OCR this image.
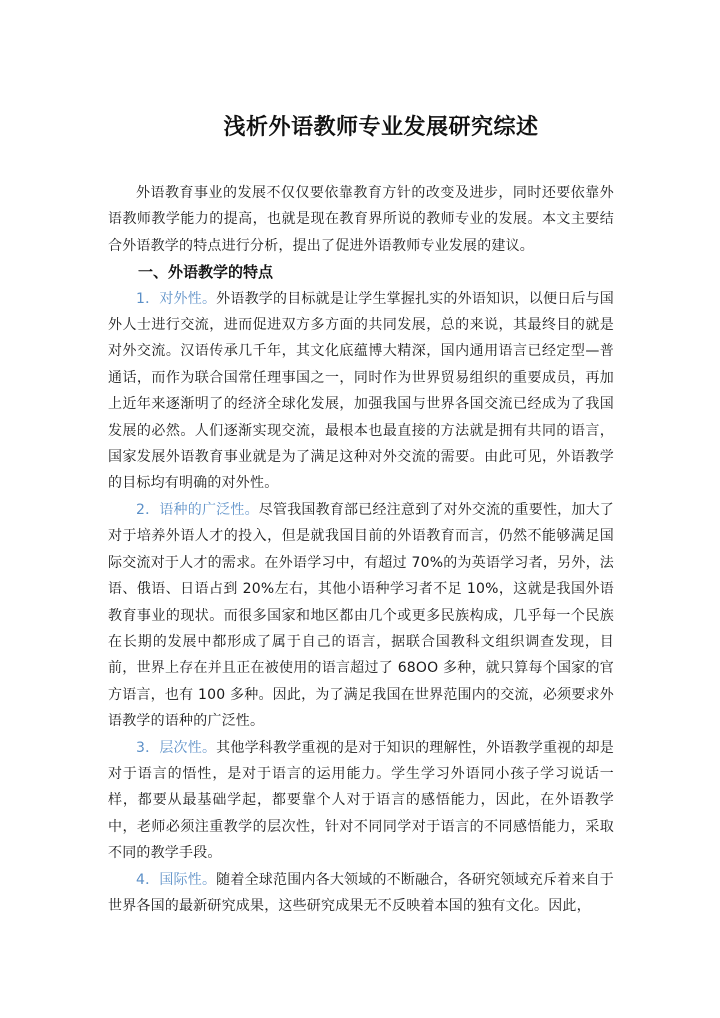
浅析外语教师专业发展研究综述

外语教育事业的发展不仅仅要依靠教育方针的改变及进步，同时还要依靠外语教师教学能力的提高，也就是现在教育界所说的教师专业的发展。本文主要结合外语教学的特点进行分析，提出了促进外语教师专业发展的建议。

一、外语教学的特点

1．对外性。外语教学的目标就是让学生掌握扎实的外语知识，以便日后与国外人士进行交流，进而促进双方多方面的共同发展，总的来说，其最终目的就是对外交流。汉语传承几千年，其文化底蕴博大精深，国内通用语言已经定型—普通话，而作为联合国常任理事国之一，同时作为世界贸易组织的重要成员，再加上近年来逐渐明了的经济全球化发展，加强我国与世界各国交流已经成为了我国发展的必然。人们逐渐实现交流，最根本也最直接的方法就是拥有共同的语言，国家发展外语教育事业就是为了满足这种对外交流的需要。由此可见，外语教学的目标均有明确的对外性。

2．语种的广泛性。尽管我国教育部已经注意到了对外交流的重要性，加大了对于培养外语人才的投入，但是就我国目前的外语教育而言，仍然不能够满足国际交流对于人才的需求。在外语学习中，有超过 70%的为英语学习者，另外，法语、俄语、日语占到 20%左右，其他小语种学习者不足 10%，这就是我国外语教育事业的现状。而很多国家和地区都由几个或更多民族构成，几乎每一个民族在长期的发展中都形成了属于自己的语言，据联合国教科文组织调查发现，目前，世界上存在并且正在被使用的语言超过了 68OO 多种，就只算每个国家的官方语言，也有 100 多种。因此，为了满足我国在世界范围内的交流，必须要求外语教学的语种的广泛性。

3．层次性。其他学科教学重视的是对于知识的理解性，外语教学重视的却是对于语言的悟性，是对于语言的运用能力。学生学习外语同小孩子学习说话一样，都要从最基础学起，都要靠个人对于语言的感悟能力，因此，在外语教学中，老师必须注重教学的层次性，针对不同同学对于语言的不同感悟能力，采取不同的教学手段。

4．国际性。随着全球范围内各大领域的不断融合，各研究领域充斥着来自于世界各国的最新研究成果，这些研究成果无不反映着本国的独有文化。因此，
